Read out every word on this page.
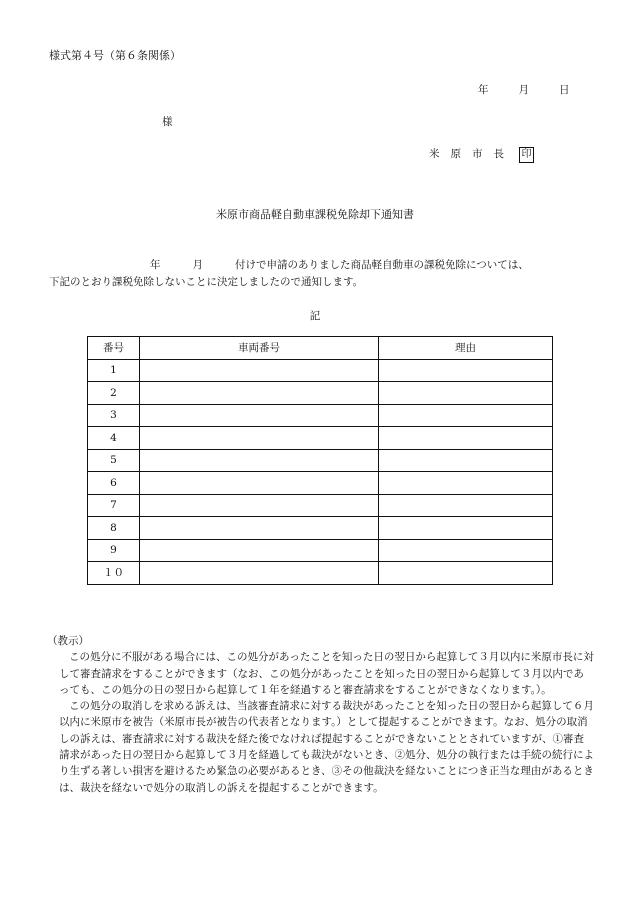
様式第４号（第６条関係）
年	月	日
様
米原市長 印
米原市商品軽自動車課税免除却下通知書
年	月	付けで申請のありました商品軽自動車の課税免除については、
下記のとおり課税免除しないことに決定しましたので通知します。
記
番号	車両番号	理由
1		
2		
3		
4		
5		
6		
7		
8		
9		
１０		
（教示）

この処分に不服がある場合には、この処分があったことを知った日の翌日から起算して３月以内に米原市長に対して審査請求をすることができます（なお、この処分があったことを知った日の翌日から起算して３月以内であっても、この処分の日の翌日から起算して１年を経過すると審査請求をすることができなくなります。）。

この処分の取消しを求める訴えは、当該審査請求に対する裁決があったことを知った日の翌日から起算して６月以内に米原市を被告（米原市長が被告の代表者となります。）として提起することができます。なお、処分の取消しの訴えは、審査請求に対する裁決を経た後でなければ提起することができないこととされていますが、①審査請求があった日の翌日から起算して３月を経過しても裁決がないとき、②処分、処分の執行または手続の続行により生ずる著しい損害を避けるため緊急の必要があるとき、③その他裁決を経ないことにつき正当な理由があるときは、裁決を経ないで処分の取消しの訴えを提起することができます。
